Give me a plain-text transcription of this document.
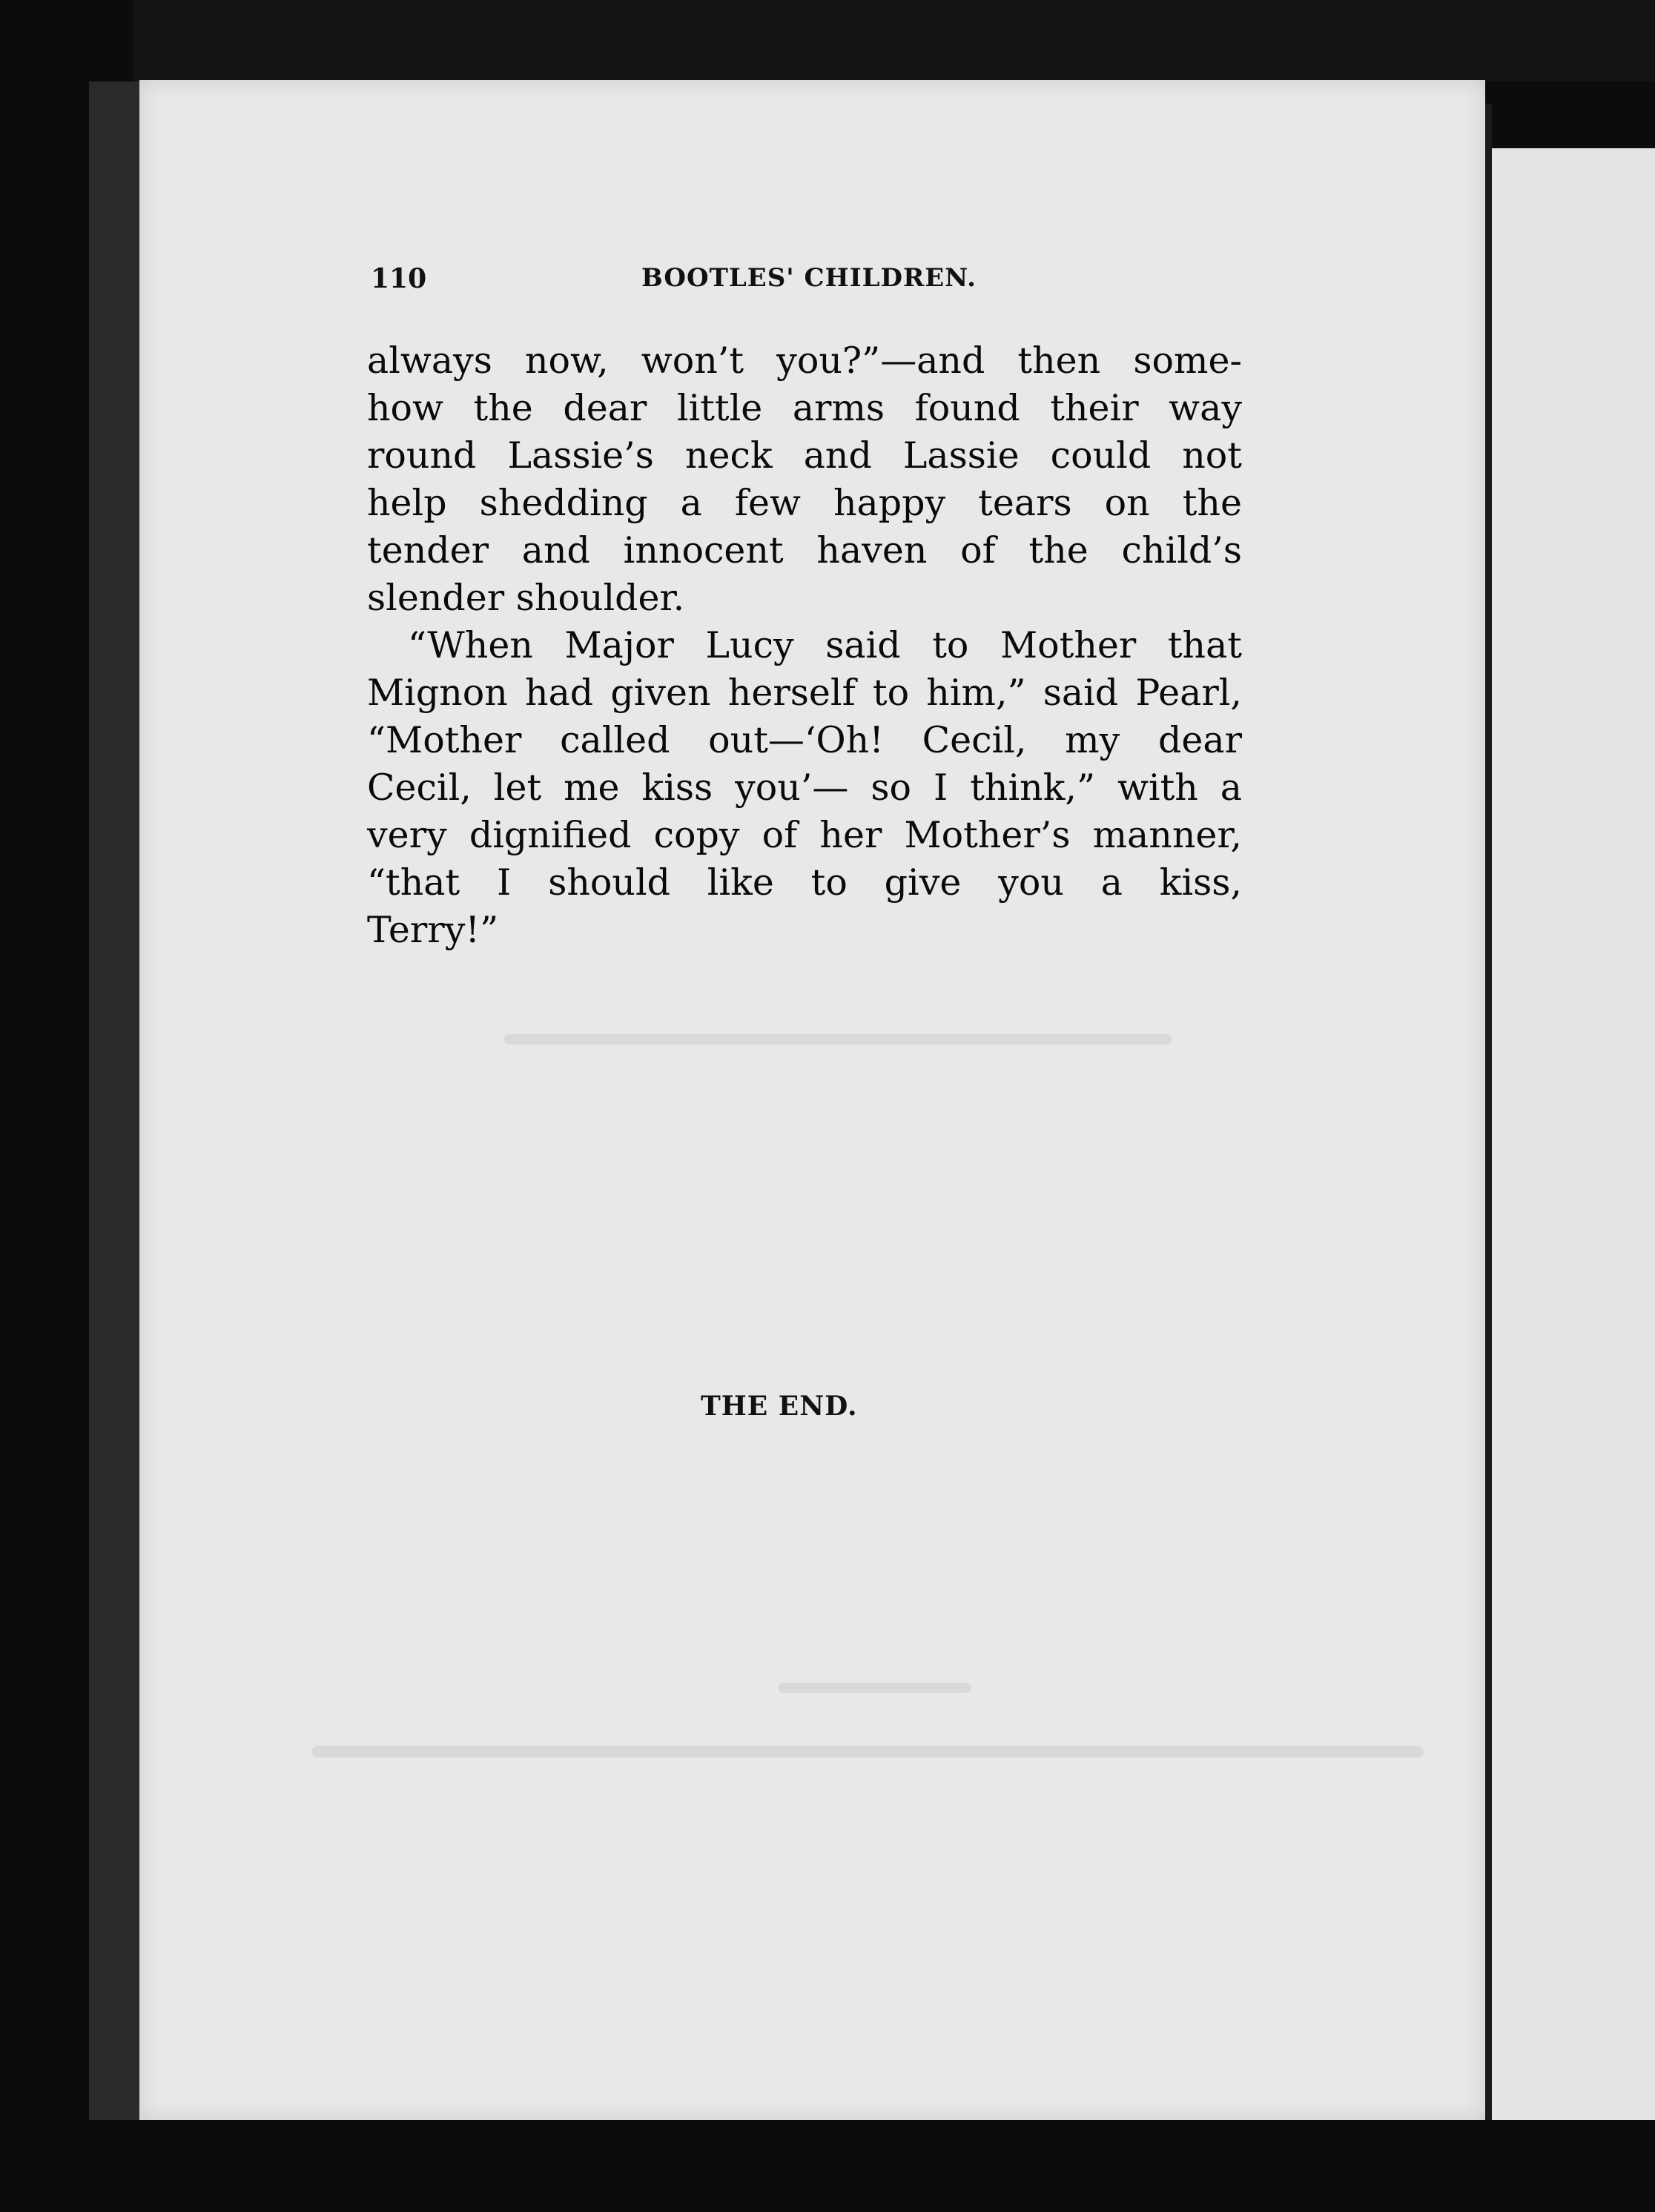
110	BOOTLES' CHILDREN.
always now, won’t you?”—and then some-
how the dear little arms found their way
round Lassie’s neck and Lassie could not
help shedding a few happy tears on the
tender and innocent haven of the child’s
slender shoulder.
“When Major Lucy said to Mother that
Mignon had given herself to him,” said Pearl,
“Mother called out—‘Oh! Cecil, my dear
Cecil, let me kiss you’— so I think,” with a
very dignified copy of her Mother’s manner,
“that I should like to give you a kiss,
Terry!”
THE END.
